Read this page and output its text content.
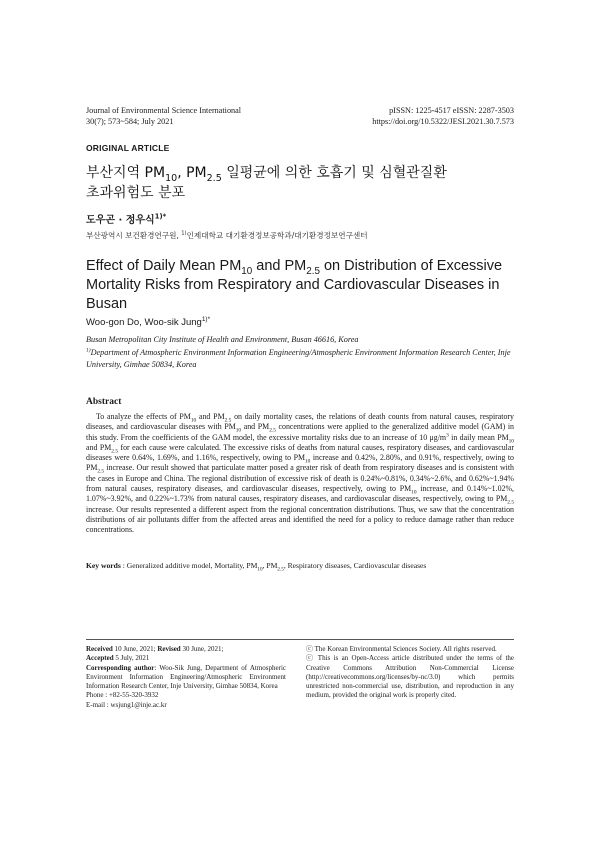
Journal of Environmental Science International
30(7); 573~584; July 2021
pISSN: 1225-4517 eISSN: 2287-3503
https://doi.org/10.5322/JESI.2021.30.7.573
ORIGINAL ARTICLE
부산지역 $PM_{10}$, $PM_{2.5}$ 일평균에 의한 호흡기 및 심혈관질환
초과위험도 분포
도우곤 · 정우식$^{1)*}$
부산광역시 보건환경연구원, $^{1)}$인제대학교 대기환경정보공학과/대기환경정보연구센터
Effect of Daily Mean $PM_{10}$ and $PM_{2.5}$ on Distribution of Excessive Mortality Risks from Respiratory and Cardiovascular Diseases in Busan
Woo-gon Do, Woo-sik Jung$^{1)*}$
Busan Metropolitan City Institute of Health and Environment, Busan 46616, Korea
$^{1)}$Department of Atmospheric Environment Information Engineering/Atmospheric Environment Information Research Center, Inje University, Gimhae 50834, Korea
Abstract
To analyze the effects of $PM_{10}$ and $PM_{2.5}$ on daily mortality cases, the relations of death counts from natural causes, respiratory diseases, and cardiovascular diseases with $PM_{10}$ and $PM_{2.5}$ concentrations were applied to the generalized additive model (GAM) in this study. From the coefficients of the GAM model, the excessive mortality risks due to an increase of 10 $\mu g/m^3$ in daily mean $PM_{10}$ and $PM_{2.5}$ for each cause were calculated. The excessive risks of deaths from natural causes, respiratory diseases, and cardiovascular diseases were 0.64%, 1.69%, and 1.16%, respectively, owing to $PM_{10}$ increase and 0.42%, 2.80%, and 0.91%, respectively, owing to $PM_{2.5}$ increase. Our result showed that particulate matter posed a greater risk of death from respiratory diseases and is consistent with the cases in Europe and China. The regional distribution of excessive risk of death is 0.24%~0.81%, 0.34%~2.6%, and 0.62%~1.94% from natural causes, respiratory diseases, and cardiovascular diseases, respectively, owing to $PM_{10}$ increase, and 0.14%~1.02%, 1.07%~3.92%, and 0.22%~1.73% from natural causes, respiratory diseases, and cardiovascular diseases, respectively, owing to $PM_{2.5}$ increase. Our results represented a different aspect from the regional concentration distributions. Thus, we saw that the concentration distributions of air pollutants differ from the affected areas and identified the need for a policy to reduce damage rather than reduce concentrations.
Key words : Generalized additive model, Mortality, $PM_{10}$, $PM_{2.5}$, Respiratory diseases, Cardiovascular diseases
Received 10 June, 2021; Revised 30 June, 2021;
Accepted 5 July, 2021
Corresponding author: Woo-Sik Jung, Department of Atmospheric Environment Information Engineering/Atmospheric Environment Information Research Center, Inje University, Gimhae 50834, Korea
Phone : +82-55-320-3932
E-mail : wsjung1@inje.ac.kr
ⓒ The Korean Environmental Sciences Society. All rights reserved.
ⓒ This is an Open-Access article distributed under the terms of the Creative Commons Attribution Non-Commercial License (http://creativecommons.org/licenses/by-nc/3.0) which permits unrestricted non-commercial use, distribution, and reproduction in any medium, provided the original work is properly cited.
